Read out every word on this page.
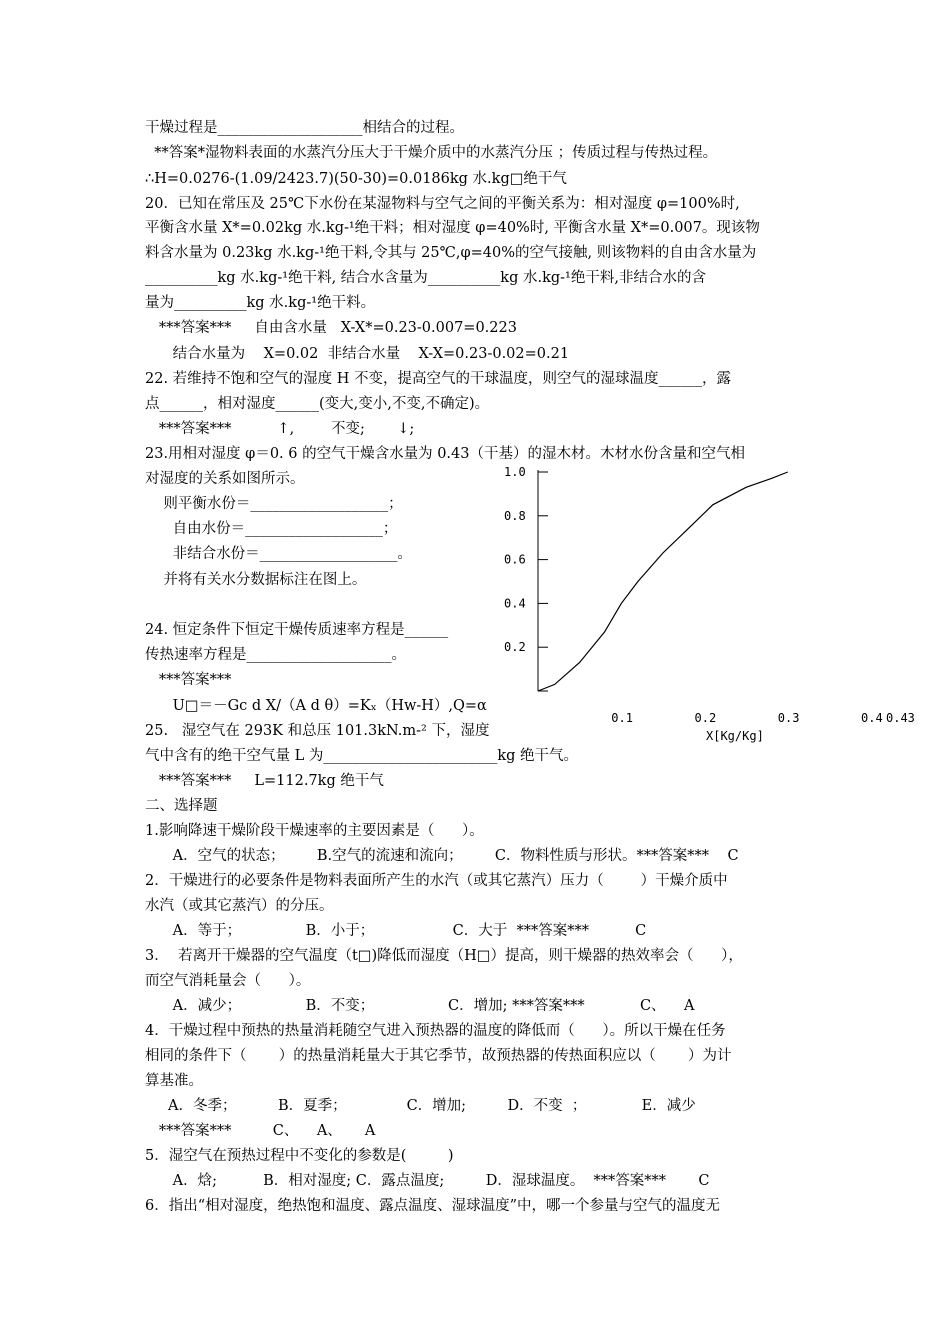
干燥过程是____________________相结合的过程。
**答案*湿物料表面的水蒸汽分压大于干燥介质中的水蒸汽分压 ；传质过程与传热过程。
∴H=0.0276-(1.09/2423.7)(50-30)=0.0186kg 水.kg□绝干气
20．已知在常压及 25℃下水份在某湿物料与空气之间的平衡关系为：相对湿度 φ=100%时,
平衡含水量 X*=0.02kg 水.kg-¹绝干料；相对湿度 φ=40%时, 平衡含水量 X*=0.007。现该物
料含水量为 0.23kg 水.kg-¹绝干料,令其与 25℃,φ=40%的空气接触, 则该物料的自由含水量为
__________kg 水.kg-¹绝干料, 结合水含量为__________kg 水.kg-¹绝干料,非结合水的含
量为__________kg 水.kg-¹绝干料。
***答案***     自由含水量   X-X*=0.23-0.007=0.223
结合水量为    X=0.02  非结合水量    X-X=0.23-0.02=0.21
22. 若维持不饱和空气的湿度 H 不变，提高空气的干球温度，则空气的湿球温度______，露
点______，相对湿度______(变大,变小,不变,不确定)。
***答案***          ↑,        不变;       ↓;
23.用相对湿度 φ＝0. 6 的空气干燥含水量为 0.43（干基）的湿木材。木材水份含量和空气相
对湿度的关系如图所示。
则平衡水份＝___________________；
自由水份＝___________________；
非结合水份＝___________________。
并将有关水分数据标注在图上。
24. 恒定条件下恒定干燥传质速率方程是______
传热速率方程是____________________。
***答案***
U□＝－Gc d X/（A d θ）=Kₓ（Hw-H）,Q=α
25.   湿空气在 293K 和总压 101.3kN.m-² 下，湿度
气中含有的绝干空气量 L 为________________________kg 绝干气。
***答案***     L=112.7kg 绝干气
二、选择题
1.影响降速干燥阶段干燥速率的主要因素是（      ）。
A．空气的状态；       B.空气的流速和流向；       C．物料性质与形状。***答案***    C
2．干燥进行的必要条件是物料表面所产生的水汽（或其它蒸汽）压力（        ）干燥介质中
水汽（或其它蒸汽）的分压。
A．等于；              B．小于；                 C．大于  ***答案***          C
3．  若离开干燥器的空气温度（t□)降低而湿度（H□）提高，则干燥器的热效率会（      ），
而空气消耗量会（      ）。
A．减少；              B．不变；                C．增加; ***答案***            C、    A
4．干燥过程中预热的热量消耗随空气进入预热器的温度的降低而（      ）。所以干燥在任务
相同的条件下（       ）的热量消耗量大于其它季节，故预热器的传热面积应以（       ）为计
算基准。
A．冬季；         B．夏季；             C．增加;         D．不变  ；            E．减少
***答案***         C、    A、     A
5．湿空气在预热过程中不变化的参数是(         )
A．焓;          B．相对湿度; C．露点温度;         D．湿球温度。  ***答案***       C
6．指出“相对湿度，绝热饱和温度、露点温度、湿球温度”中，哪一个参量与空气的温度无
0.2
0.4
0.6
0.8
1.0
0.1	0.2	0.3	0.4 0.43
X[Kg/Kg]
